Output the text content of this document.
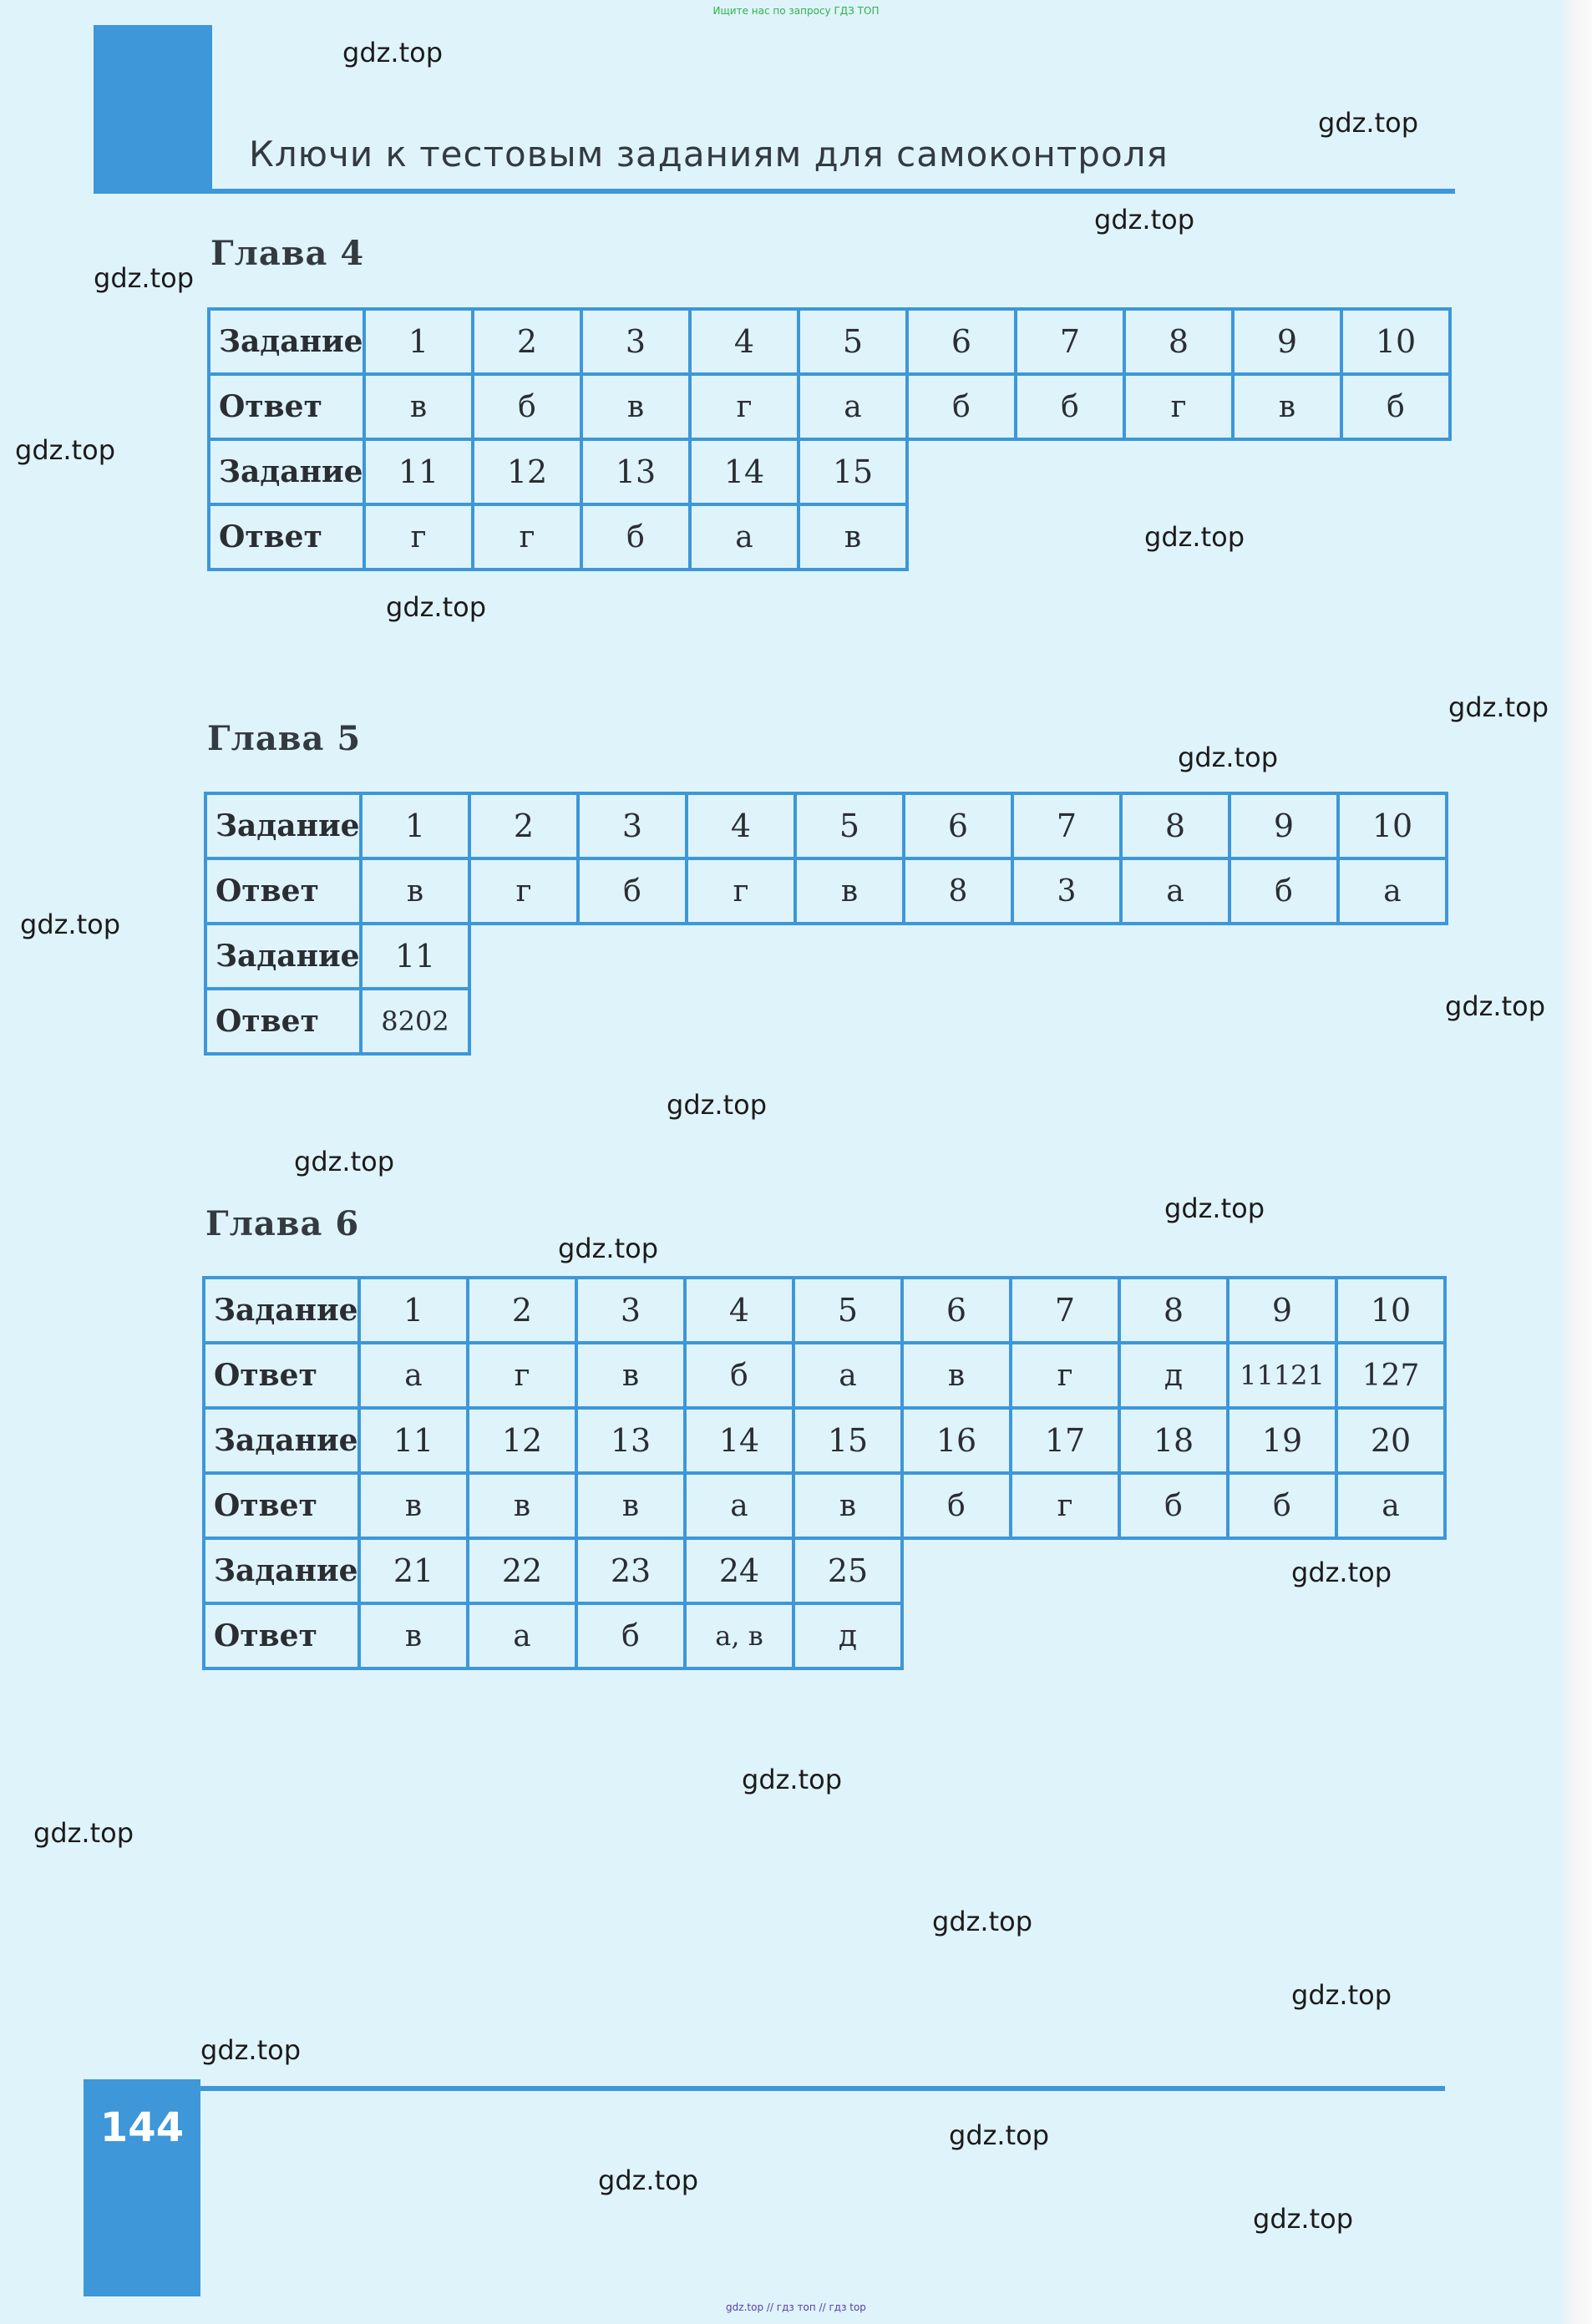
Ищите нас по запросу ГДЗ ТОП
Ключи к тестовым заданиям для самоконтроля
Глава 4
Задание	1	2	3	4	5	6	7	8	9	10
Ответ	в	б	в	г	а	б	б	г	в	б
Задание	11	12	13	14	15
Ответ	г	г	б	а	в
Глава 5
Задание	1	2	3	4	5	6	7	8	9	10
Ответ	в	г	б	г	в	8	3	а	б	а
Задание	11
Ответ	8202
Глава 6
Задание	1	2	3	4	5	6	7	8	9	10
Ответ	а	г	в	б	а	в	г	д	11121	127
Задание	11	12	13	14	15	16	17	18	19	20
Ответ	в	в	в	а	в	б	г	б	б	а
Задание	21	22	23	24	25
Ответ	в	а	б	а, в	д
144
gdz.top
gdz.top
gdz.top
gdz.top
gdz.top
gdz.top
gdz.top
gdz.top
gdz.top
gdz.top
gdz.top
gdz.top
gdz.top
gdz.top
gdz.top
gdz.top
gdz.top
gdz.top
gdz.top
gdz.top
gdz.top
gdz.top
gdz.top
gdz.top
gdz.top // гдз топ // гдз top
